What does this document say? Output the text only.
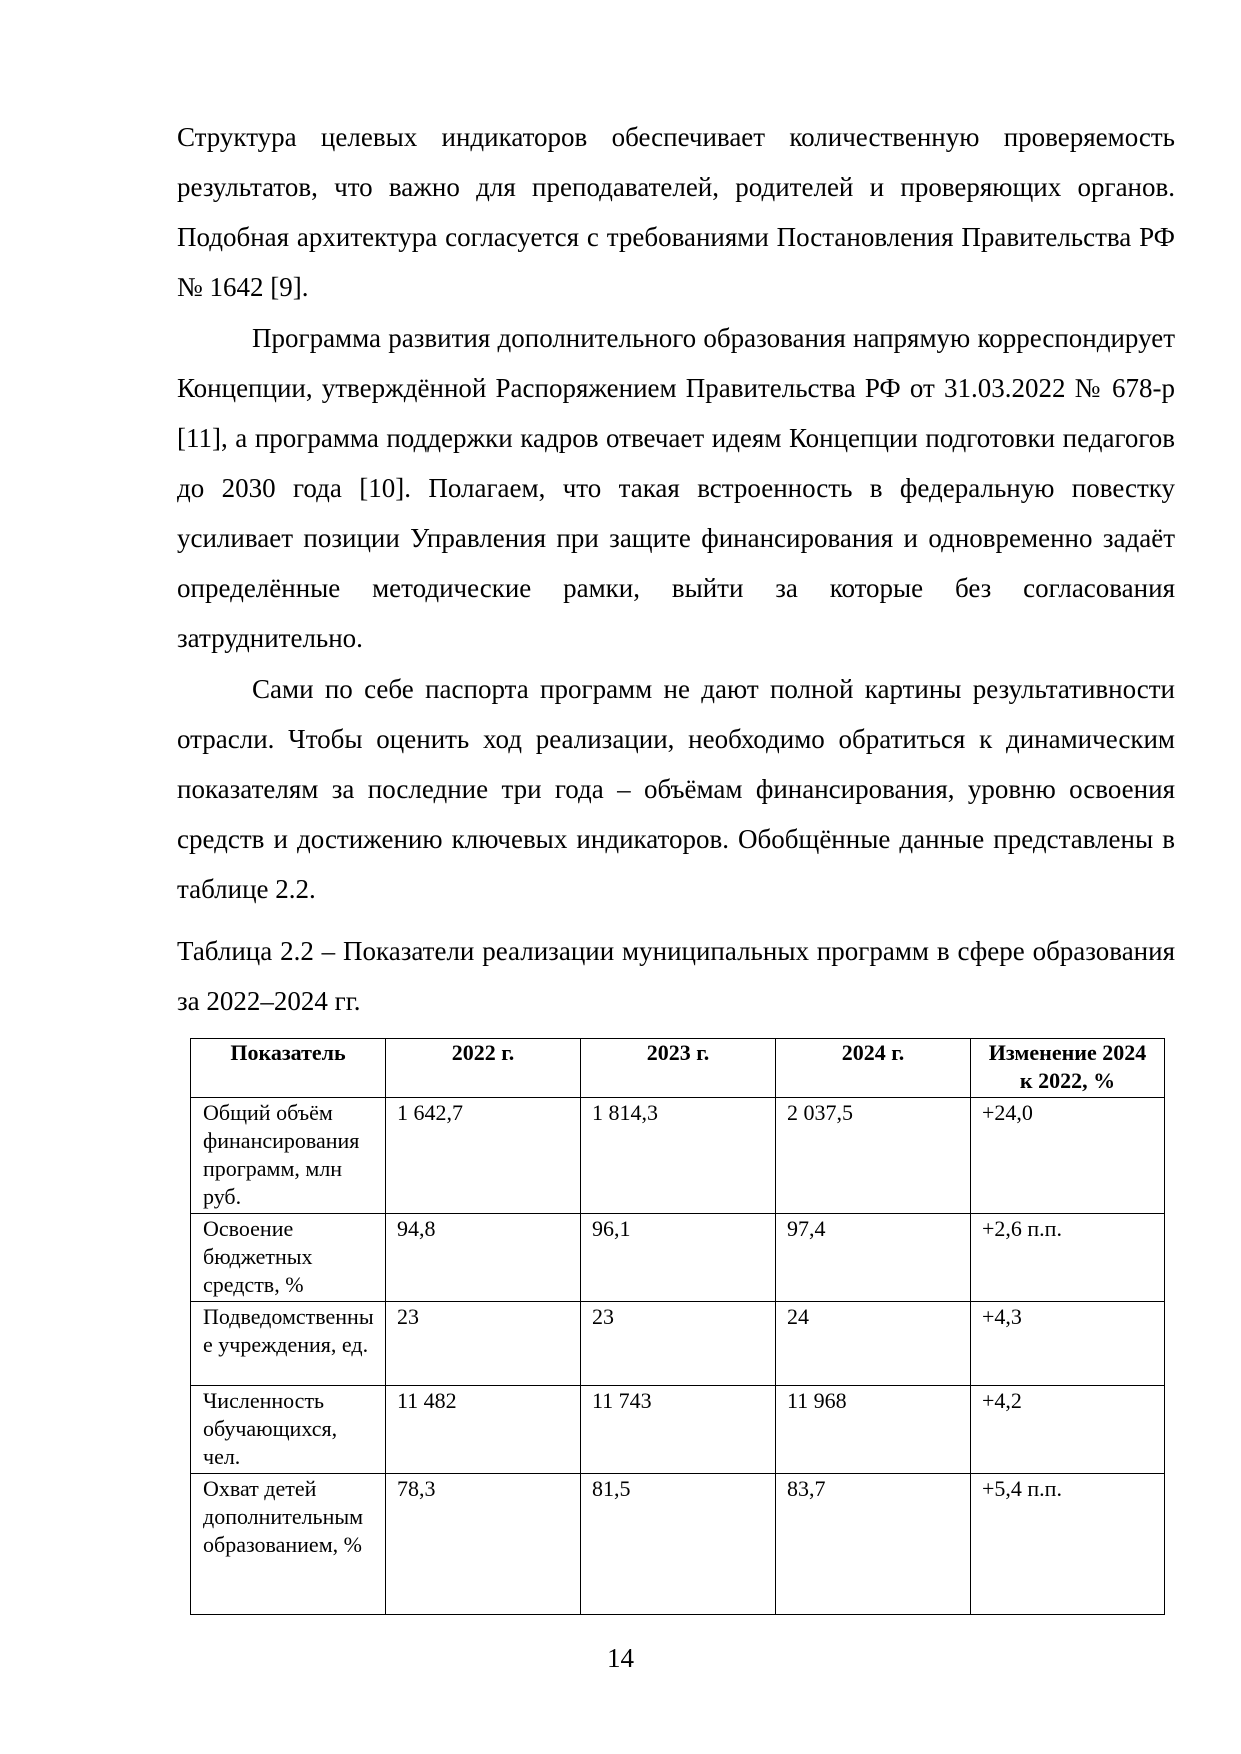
Структура целевых индикаторов обеспечивает количественную проверяемость результатов, что важно для преподавателей, родителей и проверяющих органов. Подобная архитектура согласуется с требованиями Постановления Правительства РФ № 1642 [9].

Программа развития дополнительного образования напрямую корреспондирует Концепции, утверждённой Распоряжением Правительства РФ от 31.03.2022 № 678-р [11], а программа поддержки кадров отвечает идеям Концепции подготовки педагогов до 2030 года [10]. Полагаем, что такая встроенность в федеральную повестку усиливает позиции Управления при защите финансирования и одновременно задаёт определённые методические рамки, выйти за которые без согласования затруднительно.

Сами по себе паспорта программ не дают полной картины результативности отрасли. Чтобы оценить ход реализации, необходимо обратиться к динамическим показателям за последние три года – объёмам финансирования, уровню освоения средств и достижению ключевых индикаторов. Обобщённые данные представлены в таблице 2.2.

Таблица 2.2 – Показатели реализации муниципальных программ в сфере образования за 2022–2024 гг.

Показатель	2022 г.	2023 г.	2024 г.	Изменение 2024 к 2022, %
Общий объём финансирования программ, млн руб.	1 642,7	1 814,3	2 037,5	+24,0
Освоение бюджетных средств, %	94,8	96,1	97,4	+2,6 п.п.
Подведомственные учреждения, ед.	23	23	24	+4,3
Численность обучающихся, чел.	11 482	11 743	11 968	+4,2
Охват детей дополнительным образованием, %	78,3	81,5	83,7	+5,4 п.п.
14
